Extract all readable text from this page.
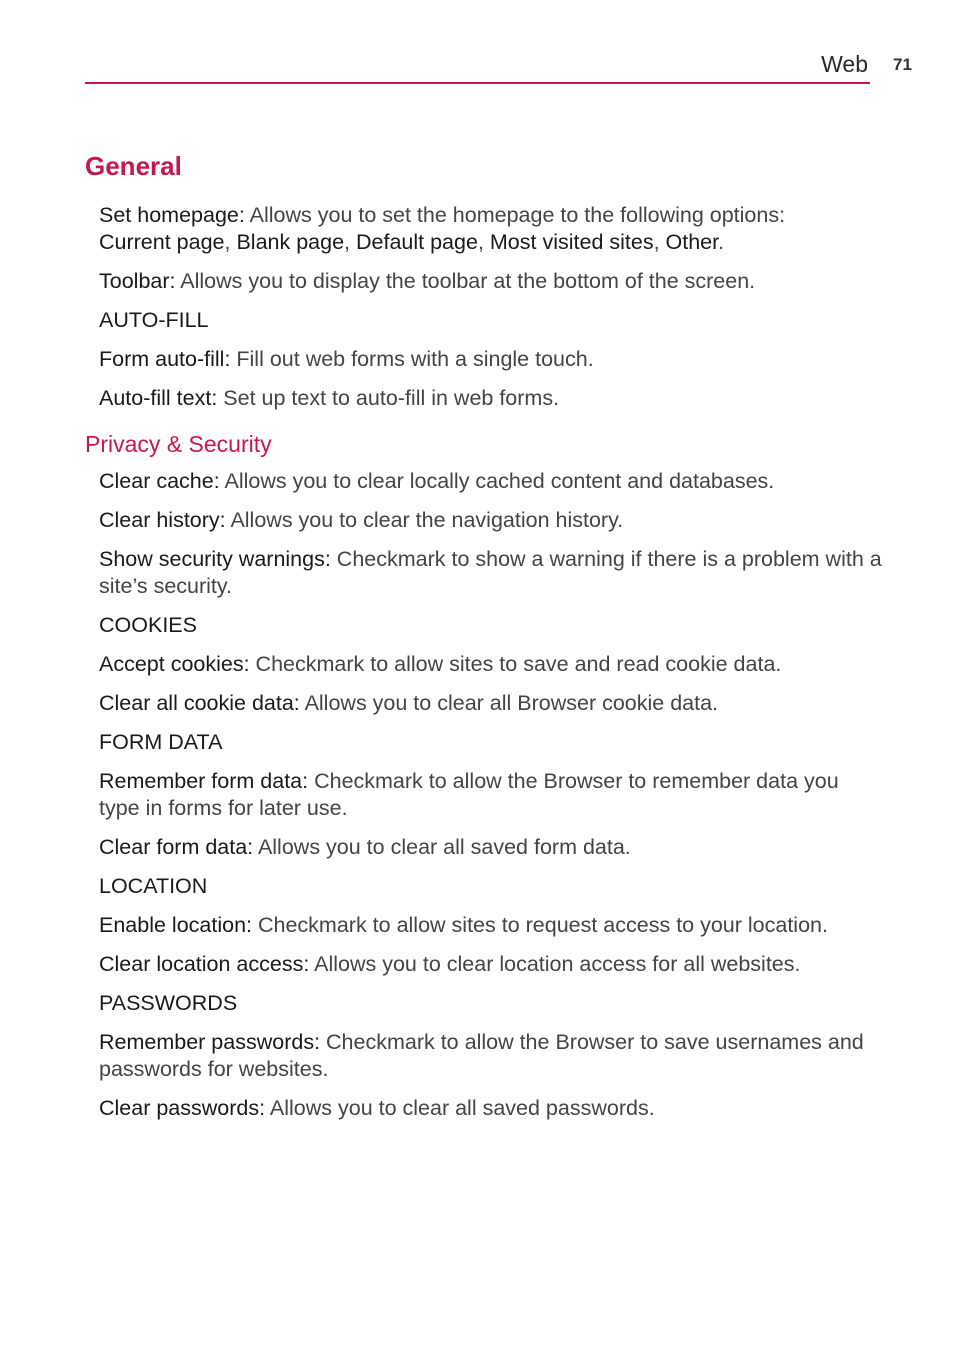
Web 71
General

Set homepage: Allows you to set the homepage to the following options:
Current page, Blank page, Default page, Most visited sites, Other.

Toolbar: Allows you to display the toolbar at the bottom of the screen.

AUTO-FILL

Form auto-fill: Fill out web forms with a single touch.

Auto-fill text: Set up text to auto-fill in web forms.

Privacy & Security

Clear cache: Allows you to clear locally cached content and databases.

Clear history: Allows you to clear the navigation history.

Show security warnings: Checkmark to show a warning if there is a problem with a site’s security.

COOKIES

Accept cookies: Checkmark to allow sites to save and read cookie data.

Clear all cookie data: Allows you to clear all Browser cookie data.

FORM DATA

Remember form data: Checkmark to allow the Browser to remember data you type in forms for later use.

Clear form data: Allows you to clear all saved form data.

LOCATION

Enable location: Checkmark to allow sites to request access to your location.

Clear location access: Allows you to clear location access for all websites.

PASSWORDS

Remember passwords: Checkmark to allow the Browser to save usernames and passwords for websites.

Clear passwords: Allows you to clear all saved passwords.
